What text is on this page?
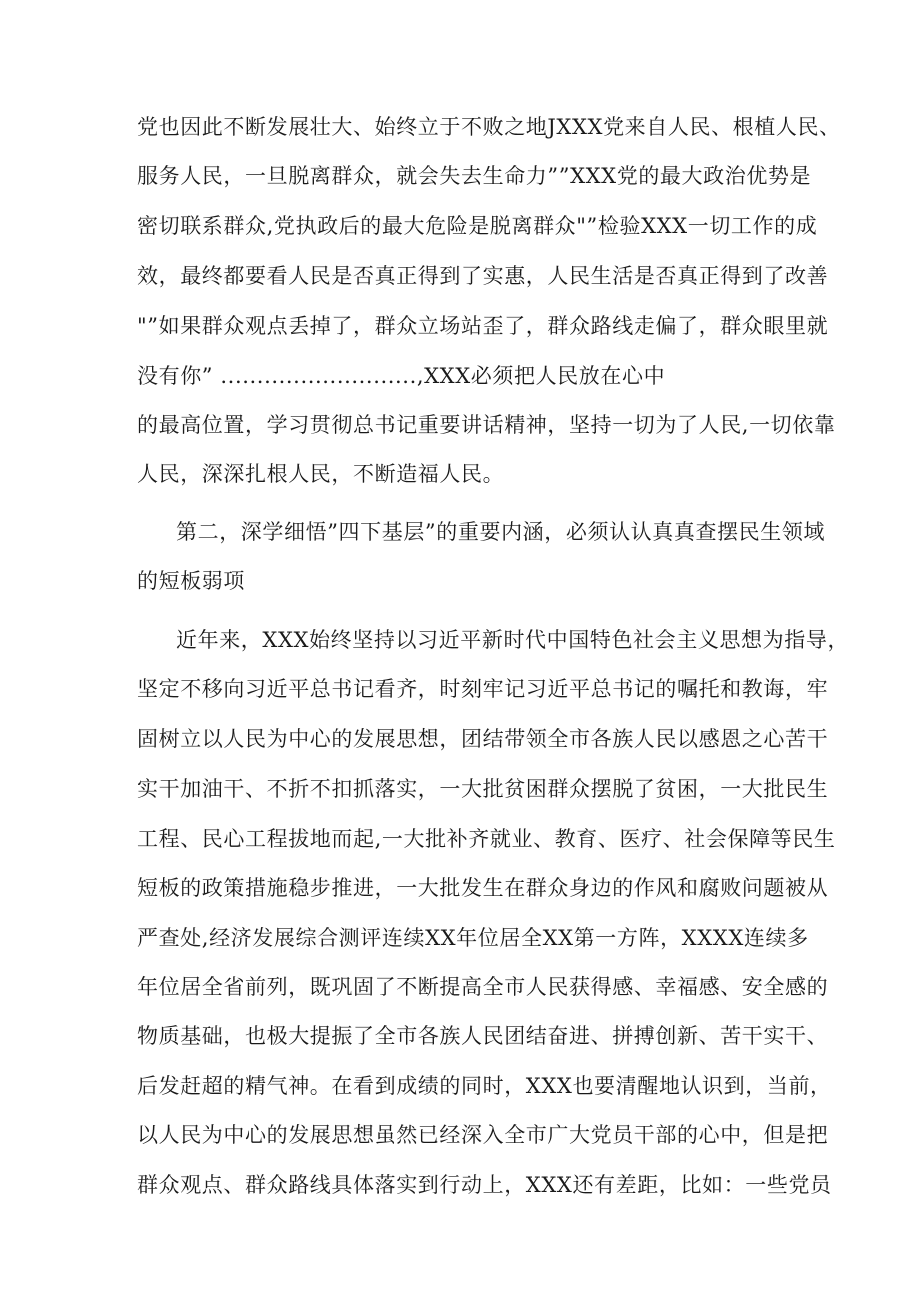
党也因此不断发展壮大、始终立于不败之地JXXX党来自人民、根植人民、
服务人民，一旦脱离群众，就会失去生命力””XXX党的最大政治优势是
密切联系群众,党执政后的最大危险是脱离群众"”检验XXX一切工作的成
效，最终都要看人民是否真正得到了实惠，人民生活是否真正得到了改善
"”如果群众观点丢掉了，群众立场站歪了，群众路线走偏了，群众眼里就
没有你” ...........................,XXX必须把人民放在心中
的最高位置，学习贯彻总书记重要讲话精神，坚持一切为了人民,一切依靠
人民，深深扎根人民，不断造福人民。
第二，深学细悟”四下基层”的重要内涵，必须认认真真查摆民生领域
的短板弱项
近年来，XXX始终坚持以习近平新时代中国特色社会主义思想为指导，
坚定不移向习近平总书记看齐，时刻牢记习近平总书记的嘱托和教诲，牢
固树立以人民为中心的发展思想，团结带领全市各族人民以感恩之心苦干
实干加油干、不折不扣抓落实，一大批贫困群众摆脱了贫困，一大批民生
工程、民心工程拔地而起,一大批补齐就业、教育、医疗、社会保障等民生
短板的政策措施稳步推进，一大批发生在群众身边的作风和腐败问题被从
严查处,经济发展综合测评连续XX年位居全XX第一方阵，XXXX连续多
年位居全省前列，既巩固了不断提高全市人民获得感、幸福感、安全感的
物质基础，也极大提振了全市各族人民团结奋进、拼搏创新、苦干实干、
后发赶超的精气神。在看到成绩的同时，XXX也要清醒地认识到，当前，
以人民为中心的发展思想虽然已经深入全市广大党员干部的心中，但是把
群众观点、群众路线具体落实到行动上，XXX还有差距，比如：一些党员
